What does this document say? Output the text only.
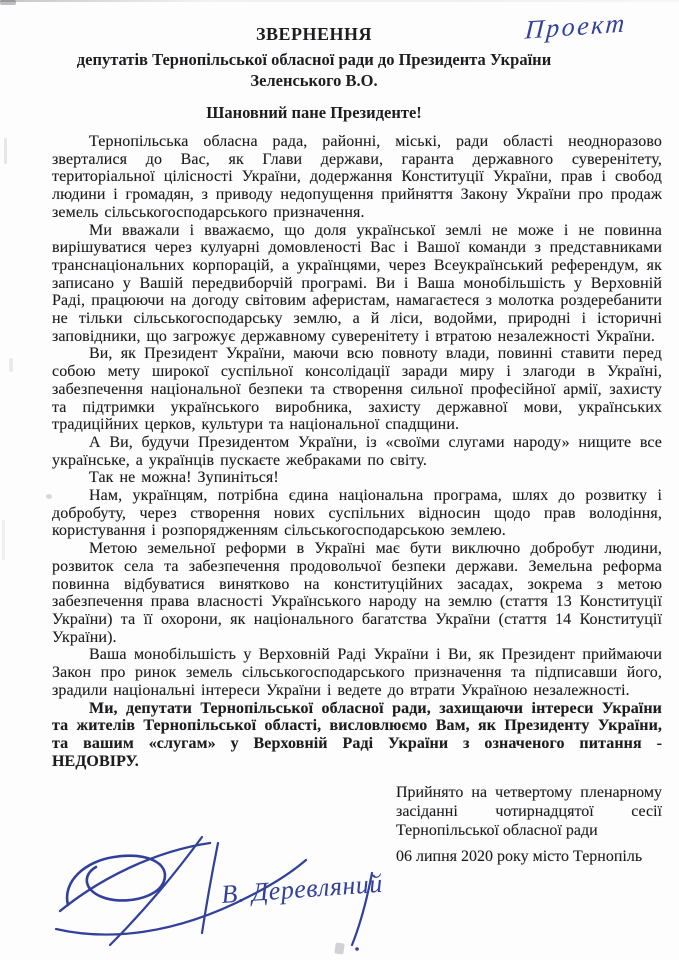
Проект
ЗВЕРНЕННЯ
депутатів Тернопільської обласної ради до Президента України
Зеленського В.О.
Шановний пане Президенте!

Тернопільська обласна рада, районні, міські, ради області неодноразово зверталися до Вас, як Глави держави, гаранта державного суверенітету, територіальної цілісності України, додержання Конституції України, прав і свобод людини і громадян, з приводу недопущення прийняття Закону України про продаж земель сільськогосподарського призначення.

Ми вважали і вважаємо, що доля української землі не може і не повинна вирішуватися через кулуарні домовленості Вас і Вашої команди з представниками транснаціональних корпорацій, а українцями, через Всеукраїнський референдум, як записано у Вашій передвиборчій програмі. Ви і Ваша монобільшість у Верховній Раді, працюючи на догоду світовим аферистам, намагаєтеся з молотка роздеребанити не тільки сільськогосподарську землю, а й ліси, водойми, природні і історичні заповідники, що загрожує державному суверенітету і втратою незалежності України.

Ви, як Президент України, маючи всю повноту влади, повинні ставити перед собою мету широкої суспільної консолідації заради миру і злагоди в Україні, забезпечення національної безпеки та створення сильної професійної армії, захисту та підтримки українського виробника, захисту державної мови, українських традиційних церков, культури та національної спадщини.

А Ви, будучи Президентом України, із «своїми слугами народу» нищите все українське, а українців пускаєте жебраками по світу.

Так не можна! Зупиніться!

Нам, українцям, потрібна єдина національна програма, шлях до розвитку і добробуту, через створення нових суспільних відносин щодо прав володіння, користування і розпорядженням сільськогосподарською землею.

Метою земельної реформи в Україні має бути виключно добробут людини, розвиток села та забезпечення продовольчої безпеки держави. Земельна реформа повинна відбуватися винятково на конституційних засадах, зокрема з метою забезпечення права власності Українського народу на землю (стаття 13 Конституції України) та її охорони, як національного багатства України (стаття 14 Конституції України).

Ваша монобільшість у Верховній Раді України і Ви, як Президент приймаючи Закон про ринок земель сільськогосподарського призначення та підписавши його, зрадили національні інтереси України і ведете до втрати Україною незалежності.

Ми, депутати Тернопільської обласної ради, захищаючи інтереси України та жителів Тернопільської області, висловлюємо Вам, як Президенту України, та вашим «слугам» у Верховній Раді України з означеного питання - НЕДОВІРУ.

Прийнято на четвертому пленарному засіданні чотирнадцятої сесії Тернопільської обласної ради
06 липня 2020 року місто Тернопіль
В. Деревляний
